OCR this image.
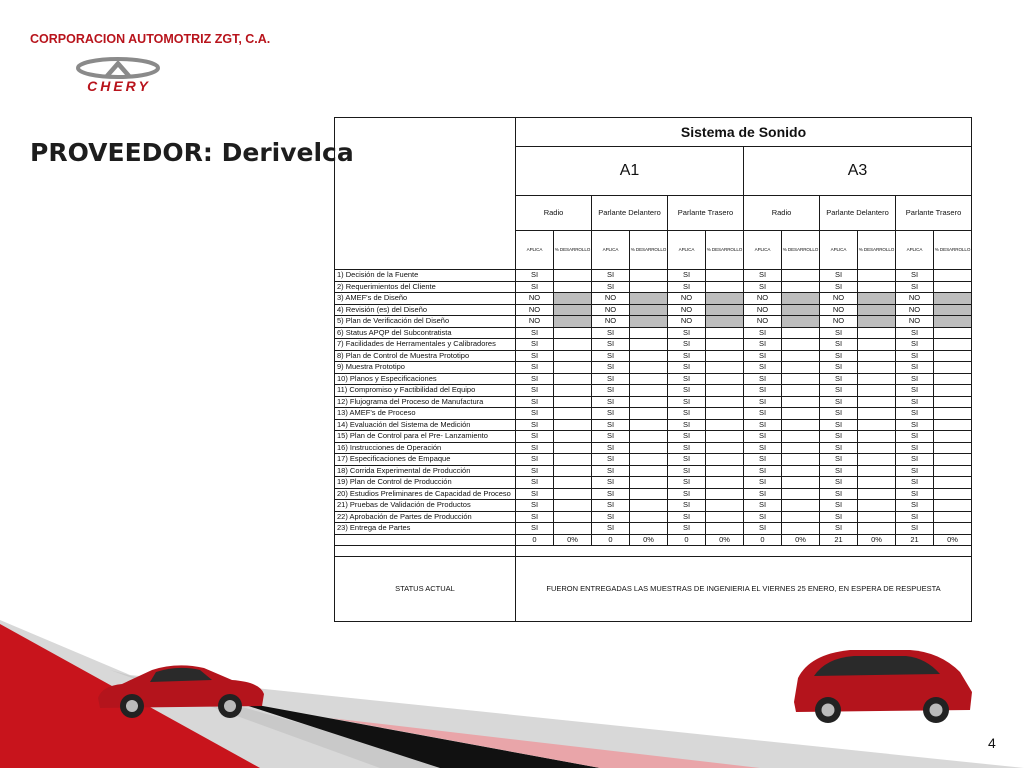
CORPORACION AUTOMOTRIZ ZGT, C.A.
CHERY
PROVEEDOR: Derivelca
	Sistema de Sonido											
	A1						A3					
	Radio		Parlante Delantero		Parlante Trasero		Radio		Parlante Delantero		Parlante Trasero	
	APLICA	% DESARROLLO	APLICA	% DESARROLLO	APLICA	% DESARROLLO	APLICA	% DESARROLLO	APLICA	% DESARROLLO	APLICA	% DESARROLLO
1) Decisión de la Fuente	SI		SI		SI		SI		SI		SI	
2) Requerimientos del Cliente	SI		SI		SI		SI		SI		SI	
3) AMEF's de Diseño	NO		NO		NO		NO		NO		NO	
4) Revisión (es) del Diseño	NO		NO		NO		NO		NO		NO	
5) Plan de Verificación del Diseño	NO		NO		NO		NO		NO		NO	
6) Status APQP del Subcontratista	SI		SI		SI		SI		SI		SI	
7) Facilidades de Herramentales y Calibradores	SI		SI		SI		SI		SI		SI	
8) Plan de Control de Muestra Prototipo	SI		SI		SI		SI		SI		SI	
9) Muestra Prototipo	SI		SI		SI		SI		SI		SI	
10) Planos y Especificaciones	SI		SI		SI		SI		SI		SI	
11) Compromiso y Factibilidad del Equipo	SI		SI		SI		SI		SI		SI	
12) Flujograma del Proceso de Manufactura	SI		SI		SI		SI		SI		SI	
13) AMEF's de Proceso	SI		SI		SI		SI		SI		SI	
14) Evaluación del Sistema de Medición	SI		SI		SI		SI		SI		SI	
15) Plan de Control para el Pre- Lanzamiento	SI		SI		SI		SI		SI		SI	
16) Instrucciones de Operación	SI		SI		SI		SI		SI		SI	
17) Especificaciones de Empaque	SI		SI		SI		SI		SI		SI	
18) Corrida Experimental de Producción	SI		SI		SI		SI		SI		SI	
19) Plan de Control de Producción	SI		SI		SI		SI		SI		SI	
20) Estudios Preliminares de Capacidad de Proceso	SI		SI		SI		SI		SI		SI	
21) Pruebas de Validación de Productos	SI		SI		SI		SI		SI		SI	
22) Aprobación de Partes de Producción	SI		SI		SI		SI		SI		SI	
23) Entrega de Partes	SI		SI		SI		SI		SI		SI	
	0	0%	0	0%	0	0%	0	0%	21	0%	21	0%

STATUS ACTUAL	FUERON ENTREGADAS LAS MUESTRAS DE INGENIERIA EL VIERNES 25 ENERO, EN ESPERA DE RESPUESTA											
4
